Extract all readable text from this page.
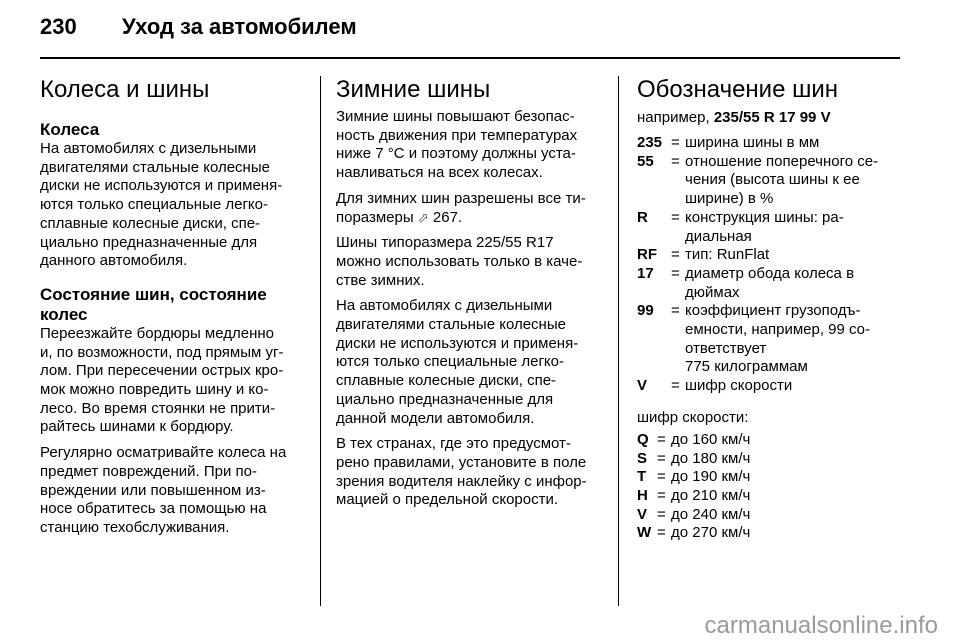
230	Уход за автомобилем
Колеса и шины
Колеса

На автомобилях с дизельными
двигателями стальные колесные
диски не используются и применя-
ются только специальные легко-
сплавные колесные диски, спе-
циально предназначенные для
данного автомобиля.

Состояние шин, состояние
колес

Переезжайте бордюры медленно
и, по возможности, под прямым уг-
лом. При пересечении острых кро-
мок можно повредить шину и ко-
лесо. Во время стоянки не прити-
райтесь шинами к бордюру.

Регулярно осматривайте колеса на
предмет повреждений. При по-
вреждении или повышенном из-
носе обратитесь за помощью на
станцию техобслуживания.

Зимние шины

Зимние шины повышают безопас-
ность движения при температурах
ниже 7 °C и поэтому должны уста-
навливаться на всех колесах.

Для зимних шин разрешены все ти-
поразмеры ⬀ 267.

Шины типоразмера 225/55 R17
можно использовать только в каче-
стве зимних.

На автомобилях с дизельными
двигателями стальные колесные
диски не используются и применя-
ются только специальные легко-
сплавные колесные диски, спе-
циально предназначенные для
данной модели автомобиля.

В тех странах, где это предусмот-
рено правилами, установите в поле
зрения водителя наклейку с инфор-
мацией о предельной скорости.

Обозначение шин
например, 235/55 R 17 99 V
235 = ширина шины в мм
55	= отношение поперечного се-
чения (высота шины к ее
ширине) в %
R	= конструкция шины: ра-
диальная
RF = тип: RunFlat
17	= диаметр обода колеса в
дюймах
99	= коэффициент грузоподъ-
емности, например, 99 со-
ответствует
775 килограммам
V	= шифр скорости
шифр скорости:
Q = до 160 км/ч
S = до 180 км/ч
T = до 190 км/ч
H = до 210 км/ч
V = до 240 км/ч
W = до 270 км/ч
carmanualsonline.info
